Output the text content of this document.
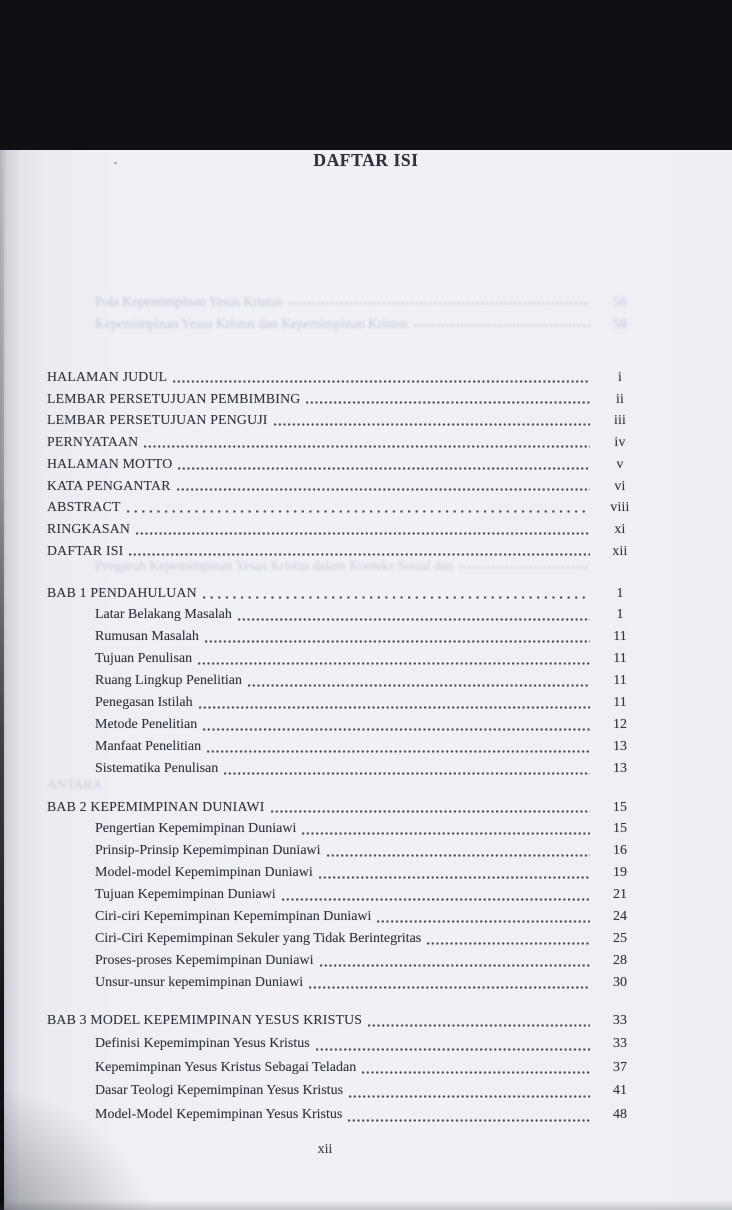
Pola Kepemimpinan Yesus Kristus	56
Kepemimpinan Yesus Kristus dan Kepemimpinan Kristen	58
Pengaruh Kepemimpinan Yesus Kristus dalam Konteks Sosial dan
ANTARA
DAFTAR ISI
HALAMAN JUDUL	i
LEMBAR PERSETUJUAN PEMBIMBING	ii
LEMBAR PERSETUJUAN PENGUJI	iii
PERNYATAAN	iv
HALAMAN MOTTO	v
KATA PENGANTAR	vi
ABSTRACT	viii
RINGKASAN	xi
DAFTAR ISI	xii
BAB 1 PENDAHULUAN	1
Latar Belakang Masalah	1
Rumusan Masalah	11
Tujuan Penulisan	11
Ruang Lingkup Penelitian	11
Penegasan Istilah	11
Metode Penelitian	12
Manfaat Penelitian	13
Sistematika Penulisan	13
BAB 2 KEPEMIMPINAN DUNIAWI	15
Pengertian Kepemimpinan Duniawi	15
Prinsip-Prinsip Kepemimpinan Duniawi	16
Model-model Kepemimpinan Duniawi	19
Tujuan Kepemimpinan Duniawi	21
Ciri-ciri Kepemimpinan Kepemimpinan Duniawi	24
Ciri-Ciri Kepemimpinan Sekuler yang Tidak Berintegritas	25
Proses-proses Kepemimpinan Duniawi	28
Unsur-unsur kepemimpinan Duniawi	30
BAB 3 MODEL KEPEMIMPINAN YESUS KRISTUS	33
Definisi Kepemimpinan Yesus Kristus	33
Kepemimpinan Yesus Kristus Sebagai Teladan	37
Dasar Teologi Kepemimpinan Yesus Kristus	41
Model-Model Kepemimpinan Yesus Kristus	48
xii
